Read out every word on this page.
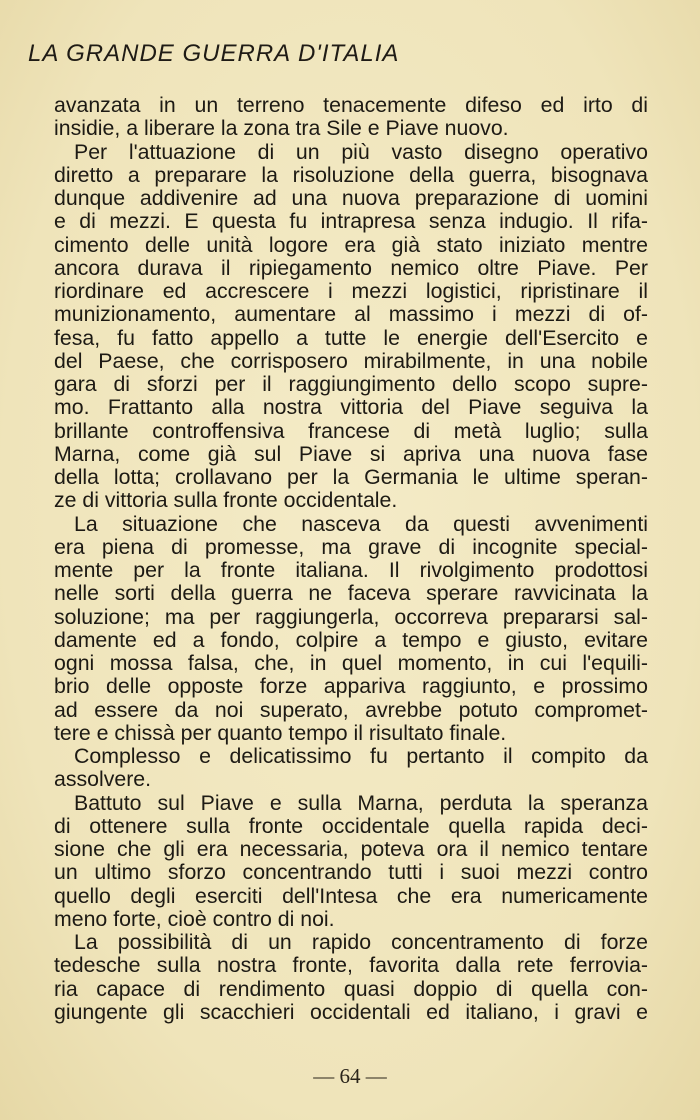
LA GRANDE GUERRA D'ITALIA
avanzata in un terreno tenacemente difeso ed irto di
insidie, a liberare la zona tra Sile e Piave nuovo.
Per l'attuazione di un più vasto disegno operativo
diretto a preparare la risoluzione della guerra, bisognava
dunque addivenire ad una nuova preparazione di uomini
e di mezzi. E questa fu intrapresa senza indugio. Il rifa-
cimento delle unità logore era già stato iniziato mentre
ancora durava il ripiegamento nemico oltre Piave. Per
riordinare ed accrescere i mezzi logistici, ripristinare il
munizionamento, aumentare al massimo i mezzi di of-
fesa, fu fatto appello a tutte le energie dell'Esercito e
del Paese, che corrisposero mirabilmente, in una nobile
gara di sforzi per il raggiungimento dello scopo supre-
mo. Frattanto alla nostra vittoria del Piave seguiva la
brillante controffensiva francese di metà luglio; sulla
Marna, come già sul Piave si apriva una nuova fase
della lotta; crollavano per la Germania le ultime speran-
ze di vittoria sulla fronte occidentale.
La situazione che nasceva da questi avvenimenti
era piena di promesse, ma grave di incognite special-
mente per la fronte italiana. Il rivolgimento prodottosi
nelle sorti della guerra ne faceva sperare ravvicinata la
soluzione; ma per raggiungerla, occorreva prepararsi sal-
damente ed a fondo, colpire a tempo e giusto, evitare
ogni mossa falsa, che, in quel momento, in cui l'equili-
brio delle opposte forze appariva raggiunto, e prossimo
ad essere da noi superato, avrebbe potuto compromet-
tere e chissà per quanto tempo il risultato finale.
Complesso e delicatissimo fu pertanto il compito da
assolvere.
Battuto sul Piave e sulla Marna, perduta la speranza
di ottenere sulla fronte occidentale quella rapida deci-
sione che gli era necessaria, poteva ora il nemico tentare
un ultimo sforzo concentrando tutti i suoi mezzi contro
quello degli eserciti dell'Intesa che era numericamente
meno forte, cioè contro di noi.
La possibilità di un rapido concentramento di forze
tedesche sulla nostra fronte, favorita dalla rete ferrovia-
ria capace di rendimento quasi doppio di quella con-
giungente gli scacchieri occidentali ed italiano, i gravi e
— 64 —
